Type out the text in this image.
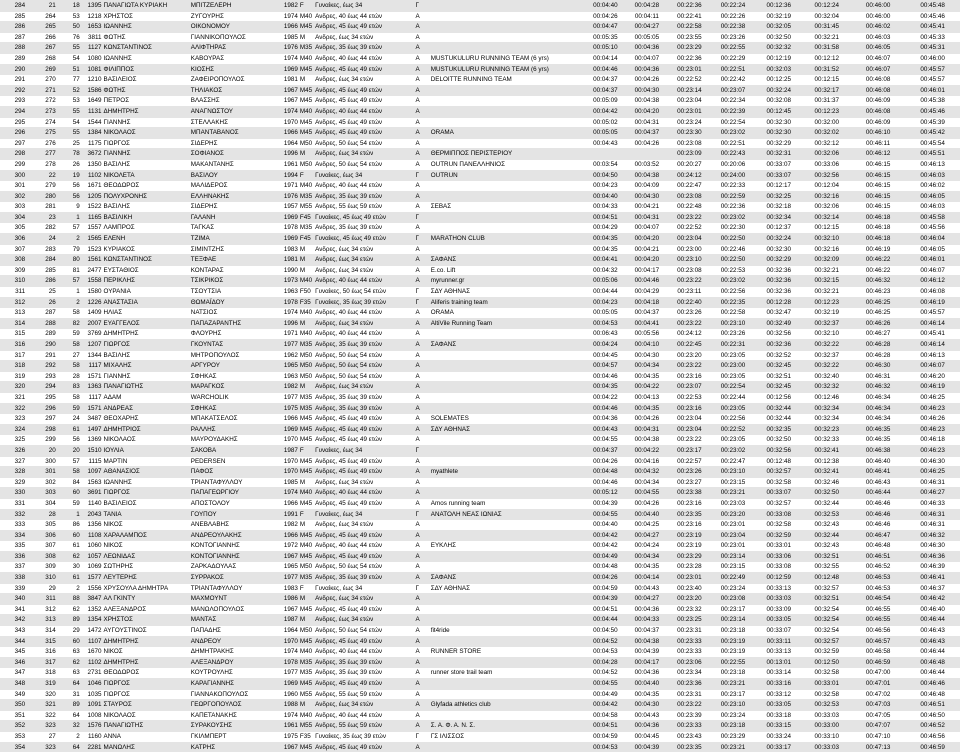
284	21	18	1395	ΠΑΝΑΓΙΩΤΑ ΚΥΡΙΑΚΗ	ΜΠΙΤΖΕΛΕΡΗ	1982	F	Γυναίκες, έως 34	Γ		00:04:40	00:04:28	00:22:36	00:22:24	00:12:36	00:12:24	00:46:00	00:45:48
285	264	53	1218	ΧΡΗΣΤΟΣ	ΖΥΓΟΥΡΗΣ	1974	M40	Ανδρες, 40 έως 44 ετών	Α		00:04:26	00:04:11	00:22:41	00:22:26	00:32:19	00:32:04	00:46:00	00:45:46
286	265	50	1653	ΙΩΑΝΝΗΣ	ΟΙΚΟΝΟΜΟΥ	1966	M45	Ανδρες, 45 έως 49 ετών	Α		00:04:47	00:04:27	00:22:58	00:22:38	00:32:05	00:31:45	00:46:02	00:45:41
287	266	76	3811	ΦΩΤΗΣ	ΓΙΑΝΝΙΚΟΠΟΥΛΟΣ	1985	M	Ανδρες, έως 34 ετών	Α		00:05:35	00:05:05	00:23:55	00:23:26	00:32:50	00:32:21	00:46:03	00:45:33
288	267	55	1127	ΚΩΝΣΤΑΝΤΙΝΟΣ	ΑΛΙΦΤΗΡΑΣ	1976	M35	Ανδρες, 35 έως 39 ετών	Α		00:05:10	00:04:36	00:23:29	00:22:55	00:32:32	00:31:58	00:46:05	00:45:31
289	268	54	1080	ΙΩΑΝΝΗΣ	ΚΑΒΟΥΡΑΣ	1974	M40	Ανδρες, 40 έως 44 ετών	Α	MUSTUKULURU RUNNING TEAM (6 yrs)	00:04:14	00:04:07	00:22:36	00:22:29	00:12:19	00:12:12	00:46:07	00:46:00
290	269	51	1081	ΦΙΛΙΠΠΟΣ	ΚΙΟΣΗΣ	1969	M45	Ανδρες, 45 έως 49 ετών	Α	MUSTUKULURU RUNNING TEAM (6 yrs)	00:04:46	00:04:36	00:23:01	00:22:51	00:32:03	00:31:52	00:46:07	00:45:57
291	270	77	1210	ΒΑΣΙΛΕΙΟΣ	ΖΑΦΕΙΡΟΠΟΥΛΟΣ	1981	M	Ανδρες, έως 34 ετών	Α	DELOITTE RUNNING TEAM	00:04:37	00:04:26	00:22:52	00:22:42	00:12:25	00:12:15	00:46:08	00:45:57
292	271	52	1586	ΦΩΤΗΣ	ΤΗΛΙΑΚΟΣ	1967	M45	Ανδρες, 45 έως 49 ετών	Α		00:04:37	00:04:30	00:23:14	00:23:07	00:32:24	00:32:17	00:46:08	00:46:01
293	272	53	1649	ΠΕΤΡΟΣ	ΒΛΑΣΣΗΣ	1967	M45	Ανδρες, 45 έως 49 ετών	Α		00:05:09	00:04:38	00:23:04	00:22:34	00:32:08	00:31:37	00:46:09	00:45:38
294	273	55	1131	ΔΗΜΗΤΡΗΣ	ΑΝΑΓΝΩΣΤΟΥ	1974	M40	Ανδρες, 40 έως 44 ετών	Α		00:04:42	00:04:20	00:23:01	00:22:39	00:12:45	00:12:23	00:46:08	00:45:46
295	274	54	1544	ΓΙΑΝΝΗΣ	ΣΤΕΛΛΑΚΗΣ	1970	M45	Ανδρες, 45 έως 49 ετών	Α		00:05:02	00:04:31	00:23:24	00:22:54	00:32:30	00:32:00	00:46:09	00:45:39
296	275	55	1384	ΝΙΚΟΛΑΟΣ	ΜΠΑΝΤΑΒΑΝΟΣ	1966	M45	Ανδρες, 45 έως 49 ετών	Α	ORAMA	00:05:05	00:04:37	00:23:30	00:23:02	00:32:30	00:32:02	00:46:10	00:45:42
297	276	25	1175	ΓΙΩΡΓΟΣ	ΣΙΔΕΡΗΣ	1964	M50	Ανδρες, 50 έως 54 ετών	Α		00:04:43	00:04:26	00:23:08	00:22:51	00:32:29	00:32:12	00:46:11	00:45:54
298	277	78	3672	ΓΙΑΝΝΗΣ	ΣΟΦΙΑΝΟΣ	1996	M	Ανδρες, έως 34 ετών	Α	ΘΕΡΜΙΠΠΟΣ ΠΕΡΙΣΤΕΡΙΟΥ			00:23:09	00:22:43	00:32:31	00:32:06	00:46:12	00:45:51
299	278	26	1350	ΒΑΣΙΛΗΣ	ΜΑΚΑΝΤΑΝΗΣ	1961	M50	Ανδρες, 50 έως 54 ετών	Α	OUTRUN ΠΑΝΕΛΛΗΝΙΟΣ	00:03:54	00:03:52	00:20:27	00:20:06	00:33:07	00:33:06	00:46:15	00:46:13
300	22	19	1102	ΝΙΚΟΛΕΤΑ	ΒΑΣΙΛΟΥ	1994	F	Γυναίκες, έως 34	Γ	OUTRUN	00:04:50	00:04:38	00:24:12	00:24:00	00:33:07	00:32:56	00:46:15	00:46:03
301	279	56	1671	ΘΕΟΔΩΡΟΣ	ΜΑΛΙΔΕΡΟΣ	1971	M40	Ανδρες, 40 έως 44 ετών	Α		00:04:23	00:04:09	00:22:47	00:22:33	00:12:17	00:12:04	00:46:15	00:46:02
302	280	56	1205	ΠΟΛΥΧΡΟΝΗΣ	ΕΛΛΗΝΑΚΗΣ	1976	M35	Ανδρες, 35 έως 39 ετών	Α		00:04:40	00:04:30	00:23:08	00:22:59	00:32:25	00:32:16	00:46:15	00:46:05
303	281	9	1522	ΒΑΣΙΛΗΣ	ΣΙΔΕΡΗΣ	1957	M55	Ανδρες, 55 έως 59 ετών	Α	ΣΕΒΑΣ	00:04:33	00:04:21	00:22:48	00:22:36	00:32:18	00:32:06	00:46:15	00:46:03
304	23	1	1165	ΒΑΣΙΛΙΚΗ	ΓΑΛΑΝΗ	1969	F45	Γυναίκες, 45 έως 49 ετών	Γ		00:04:51	00:04:31	00:23:22	00:23:02	00:32:34	00:32:14	00:46:18	00:45:58
305	282	57	1557	ΛΑΜΠΡΟΣ	ΤΑΓΚΑΣ	1978	M35	Ανδρες, 35 έως 39 ετών	Α		00:04:29	00:04:07	00:22:52	00:22:30	00:12:37	00:12:15	00:46:18	00:45:56
306	24	2	1565	ΕΛΕΝΗ	ΤΖΙΜΑ	1969	F45	Γυναίκες, 45 έως 49 ετών	Γ	MARATHON CLUB	00:04:35	00:04:20	00:23:04	00:22:50	00:32:24	00:32:10	00:46:18	00:46:04
307	283	79	1523	ΚΥΡΙΑΚΟΣ	ΣΙΜΙΝΤΖΗΣ	1983	M	Ανδρες, έως 34 ετών	Α		00:04:35	00:04:21	00:23:00	00:22:46	00:32:30	00:32:16	00:46:19	00:46:05
308	284	80	1561	ΚΩΝΣΤΑΝΤΙΝΟΣ	ΤΕΞΦΑΕ	1981	M	Ανδρες, έως 34 ετών	Α	ΣΑΦΑΝΣ	00:04:41	00:04:20	00:23:10	00:22:50	00:32:29	00:32:09	00:46:22	00:46:01
309	285	81	2477	ΕΥΣΤΑΘΙΟΣ	ΚΟΝΤΑΡΑΣ	1990	M	Ανδρες, έως 34 ετών	Α	E.co. Lift	00:04:32	00:04:17	00:23:08	00:22:53	00:32:36	00:32:21	00:46:22	00:46:07
310	286	57	1558	ΠΕΡΙΚΛΗΣ	ΤΣΙΚΡΙΚΟΣ	1973	M40	Ανδρες, 40 έως 44 ετών	Α	myrunner.gr	00:05:06	00:04:46	00:23:22	00:23:02	00:32:36	00:32:15	00:46:32	00:46:12
311	25	1	1580	ΟΥΡΑΝΙΑ	ΤΣΟΥΤΣΙΑ	1963	F50	Γυναίκες, 50 έως 54 ετών	Γ	ΣΔΥ ΑΘΗΝΑΣ	00:04:44	00:04:29	00:23:11	00:22:56	00:32:36	00:32:21	00:46:23	00:46:08
312	26	2	1226	ΑΝΑΣΤΑΣΙΑ	ΘΩΜΑΪΔΟΥ	1978	F35	Γυναίκες, 35 έως 39 ετών	Γ	Aliferis training team	00:04:23	00:04:18	00:22:40	00:22:35	00:12:28	00:12:23	00:46:25	00:46:19
313	287	58	1409	ΗΛΙΑΣ	ΝΑΤΣΙΟΣ	1974	M40	Ανδρες, 40 έως 44 ετών	Α	ORAMA	00:05:05	00:04:37	00:23:26	00:22:58	00:32:47	00:32:19	00:46:25	00:45:57
314	288	82	2007	ΕΥΑΓΓΕΛΟΣ	ΠΑΠΑΖΑΡΑΝΤΗΣ	1996	M	Ανδρες, έως 34 ετών	Α	AltiVile Running Team	00:04:53	00:04:41	00:23:22	00:23:10	00:32:49	00:32:37	00:46:26	00:46:14
315	289	59	3769	ΔΗΜΗΤΡΗΣ	ΦΛΟΥΡΗΣ	1971	M40	Ανδρες, 40 έως 44 ετών	Α		00:06:43	00:05:56	00:24:12	00:23:26	00:32:56	00:32:10	00:46:27	00:45:41
316	290	58	1207	ΓΙΩΡΓΟΣ	ΓΚΟΥΝΤΑΣ	1977	M35	Ανδρες, 35 έως 39 ετών	Α	ΣΑΦΑΝΣ	00:04:24	00:04:10	00:22:45	00:22:31	00:32:36	00:32:22	00:46:28	00:46:14
317	291	27	1344	ΒΑΣΙΛΗΣ	ΜΗΤΡΟΠΟΥΛΟΣ	1962	M50	Ανδρες, 50 έως 54 ετών	Α		00:04:45	00:04:30	00:23:20	00:23:05	00:32:52	00:32:37	00:46:28	00:46:13
318	292	58	1117	ΜΙΧΑΛΗΣ	ΑΡΓΥΡΟΥ	1965	M50	Ανδρες, 50 έως 54 ετών	Α		00:04:57	00:04:34	00:23:22	00:23:00	00:32:45	00:32:22	00:46:30	00:46:07
319	293	28	1571	ΓΙΑΝΝΗΣ	ΣΦΗΚΑΣ	1963	M50	Ανδρες, 50 έως 54 ετών	Α		00:04:46	00:04:35	00:23:16	00:23:05	00:32:51	00:32:40	00:46:31	00:46:20
320	294	83	1363	ΠΑΝΑΓΙΩΤΗΣ	ΜΑΡΑΓΚΟΣ	1982	M	Ανδρες, έως 34 ετών	Α		00:04:35	00:04:22	00:23:07	00:22:54	00:32:45	00:32:32	00:46:32	00:46:19
321	295	58	1117	ΑΔΑΜ	WARCHOLIK	1977	M35	Ανδρες, 35 έως 39 ετών	Α		00:04:22	00:04:13	00:22:53	00:22:44	00:12:56	00:12:46	00:46:34	00:46:25
322	296	59	1571	ΑΝΔΡΕΑΣ	ΣΦΗΚΑΣ	1975	M35	Ανδρες, 35 έως 39 ετών	Α		00:04:46	00:04:35	00:23:16	00:23:05	00:32:44	00:32:34	00:46:34	00:46:23
323	297	24	3487	ΘΕΟΧΑΡΗΣ	ΜΠΑΚΑΤΣΕΛΟΣ	1966	M45	Ανδρες, 45 έως 49 ετών	Α	SOLEMATES	00:04:36	00:04:26	00:23:04	00:22:56	00:32:44	00:32:34	00:46:34	00:46:26
324	298	61	1497	ΔΗΜΗΤΡΙΟΣ	ΡΑΛΛΗΣ	1969	M45	Ανδρες, 45 έως 49 ετών	Α	ΣΔΥ ΑΘΗΝΑΣ	00:04:43	00:04:31	00:23:04	00:22:52	00:32:35	00:32:23	00:46:35	00:46:23
325	299	56	1369	ΝΙΚΟΛΑΟΣ	ΜΑΥΡΟΥΔΑΚΗΣ	1970	M45	Ανδρες, 45 έως 49 ετών	Α		00:04:55	00:04:38	00:23:22	00:23:05	00:32:50	00:32:33	00:46:35	00:46:18
326	20	20	1510	ΙΟΥΛΙΑ	ΣΑΚΟΒΑ	1987	F	Γυναίκες, έως 34	Γ		00:04:37	00:04:22	00:23:17	00:23:02	00:32:56	00:32:41	00:46:38	00:46:23
327	300	57	1115	ΜΑΡΤΙΝ	PEDERSEN	1970	M45	Ανδρες, 45 έως 49 ετών	Α		00:04:26	00:04:16	00:22:57	00:22:47	00:12:48	00:12:38	00:46:40	00:46:30
328	301	58	1097	ΑΘΑΝΑΣΙΟΣ	ΠΑΦΟΣ	1970	M45	Ανδρες, 45 έως 49 ετών	Α	myathlete	00:04:48	00:04:32	00:23:26	00:23:10	00:32:57	00:32:41	00:46:41	00:46:25
329	302	84	1563	ΙΩΑΝΝΗΣ	ΤΡΙΑΝΤΑΦΥΛΛΟΥ	1985	M	Ανδρες, έως 34 ετών	Α		00:04:46	00:04:34	00:23:27	00:23:15	00:32:58	00:32:46	00:46:43	00:46:31
330	303	60	3691	ΓΙΩΡΓΟΣ	ΠΑΠΑΓΕΩΡΓΙΟΥ	1974	M40	Ανδρες, 40 έως 44 ετών	Α		00:05:12	00:04:55	00:23:38	00:23:21	00:33:07	00:32:50	00:46:44	00:46:27
331	304	59	1140	ΒΑΣΙΛΕΙΟΣ	ΑΠΟΣΤΟΛΟΥ	1966	M45	Ανδρες, 45 έως 49 ετών	Α	Amos running team	00:04:39	00:04:26	00:23:16	00:23:03	00:32:57	00:32:44	00:46:46	00:46:33
332	28	1	2043	ΤΑΝΙΑ	ΓΟΥΠΟΥ	1991	F	Γυναίκες, έως 34	Γ	ΑΝΑΤΟΛΗ ΝΕΑΣ ΙΩΝΙΑΣ	00:04:55	00:04:40	00:23:35	00:23:20	00:33:08	00:32:53	00:46:46	00:46:31
333	305	86	1356	ΝΙΚΟΣ	ΑΝΕΒΛΑΒΗΣ	1982	M	Ανδρες, έως 34 ετών	Α		00:04:40	00:04:25	00:23:16	00:23:01	00:32:58	00:32:43	00:46:46	00:46:31
334	306	60	1108	ΧΑΡΑΛΑΜΠΟΣ	ΑΝΔΡΕΟΥΛΑΚΗΣ	1966	M45	Ανδρες, 45 έως 49 ετών	Α		00:04:42	00:04:27	00:23:19	00:23:04	00:32:59	00:32:44	00:46:47	00:46:32
335	307	61	1060	ΝΙΚΟΣ	ΚΟΝΤΟΓΙΑΝΝΗΣ	1972	M40	Ανδρες, 40 έως 44 ετών	Α	ΕΥΚΛΗΣ	00:04:42	00:04:24	00:23:19	00:23:01	00:33:01	00:32:43	00:46:48	00:46:30
336	308	62	1057	ΛΕΩΝΙΔΑΣ	ΚΟΝΤΟΓΙΑΝΝΗΣ	1967	M45	Ανδρες, 45 έως 49 ετών	Α		00:04:49	00:04:34	00:23:29	00:23:14	00:33:06	00:32:51	00:46:51	00:46:36
337	309	30	1069	ΣΩΤΗΡΗΣ	ΖΑΡΚΑΔΟΥΛΑΣ	1965	M50	Ανδρες, 50 έως 54 ετών	Α		00:04:48	00:04:35	00:23:28	00:23:15	00:33:08	00:32:55	00:46:52	00:46:39
338	310	61	1577	ΛΕΥΤΕΡΗΣ	ΣΥΡΡΑΚΟΣ	1977	M35	Ανδρες, 35 έως 39 ετών	Α	ΣΑΦΑΝΣ	00:04:26	00:04:14	00:23:01	00:22:49	00:12:59	00:12:48	00:46:53	00:46:41
339	29	2	1556	ΧΡΥΣΟΥΛΑ ΔΗΜΗΤΡΑ	ΤΡΙΑΝΤΑΦΥΛΛΟΥ	1983	F	Γυναίκες, έως 34	Γ	ΣΔΥ ΑΘΗΝΑΣ	00:04:59	00:04:43	00:23:40	00:23:24	00:33:13	00:32:57	00:46:53	00:46:37
340	311	88	3847	ΑΛ ΓΚΙΝΤΥ	ΜΑΧΜΟΥΝΤ	1986	M	Ανδρες, έως 34 ετών	Α		00:04:39	00:04:27	00:23:20	00:23:08	00:33:03	00:32:51	00:46:54	00:46:42
341	312	62	1352	ΑΛΕΞΑΝΔΡΟΣ	ΜΑΝΩΛΟΠΟΥΛΟΣ	1967	M45	Ανδρες, 45 έως 49 ετών	Α		00:04:51	00:04:36	00:23:32	00:23:17	00:33:09	00:32:54	00:46:55	00:46:40
342	313	89	1354	ΧΡΗΣΤΟΣ	ΜΑΝΤΑΣ	1987	M	Ανδρες, έως 34 ετών	Α		00:04:44	00:04:33	00:23:25	00:23:14	00:33:05	00:32:54	00:46:55	00:46:44
343	314	29	1472	ΑΥΓΟΥΣΤΙΝΟΣ	ΠΑΠΑΔΗΣ	1964	M50	Ανδρες, 50 έως 54 ετών	Α	fit4ride	00:04:50	00:04:37	00:23:31	00:23:18	00:33:07	00:32:54	00:46:56	00:46:43
344	315	60	1107	ΔΗΜΗΤΡΗΣ	ΑΝΔΡΕΟΥ	1970	M45	Ανδρες, 45 έως 49 ετών	Α		00:04:52	00:04:38	00:23:33	00:23:19	00:33:11	00:32:57	00:46:57	00:46:43
345	316	63	1670	ΝΙΚΟΣ	ΔΗΜΗΤΡΑΚΗΣ	1974	M40	Ανδρες, 40 έως 44 ετών	Α	RUNNER STORE	00:04:53	00:04:39	00:23:33	00:23:19	00:33:13	00:32:59	00:46:58	00:46:44
346	317	62	1102	ΔΗΜΗΤΡΗΣ	ΑΛΕΞΑΝΔΡΟΥ	1978	M35	Ανδρες, 35 έως 39 ετών	Α		00:04:28	00:04:17	00:23:06	00:22:55	00:13:01	00:12:50	00:46:59	00:46:48
347	318	63	2731	ΘΕΟΔΩΡΟΣ	ΚΟΥΤΡΟΥΛΗΣ	1977	M35	Ανδρες, 35 έως 39 ετών	Α	runner store trail team	00:04:52	00:04:36	00:23:34	00:23:18	00:33:14	00:32:58	00:47:00	00:46:44
348	319	64	1046	ΓΙΩΡΓΟΣ	ΚΑΡΑΓΙΑΝΝΗΣ	1969	M45	Ανδρες, 45 έως 49 ετών	Α		00:04:55	00:04:40	00:23:36	00:23:21	00:33:16	00:33:01	00:47:01	00:46:46
349	320	31	1035	ΓΙΩΡΓΟΣ	ΓΙΑΝΝΑΚΟΠΟΥΛΟΣ	1960	M55	Ανδρες, 55 έως 59 ετών	Α		00:04:49	00:04:35	00:23:31	00:23:17	00:33:12	00:32:58	00:47:02	00:46:48
350	321	89	1091	ΣΤΑΥΡΟΣ	ΓΕΩΡΓΟΠΟΥΛΟΣ	1988	M	Ανδρες, έως 34 ετών	Α	Glyfada athletics club	00:04:42	00:04:30	00:23:22	00:23:10	00:33:05	00:32:53	00:47:03	00:46:51
351	322	64	1008	ΝΙΚΟΛΑΟΣ	ΚΑΠΕΤΑΝΑΚΗΣ	1974	M40	Ανδρες, 40 έως 44 ετών	Α		00:04:58	00:04:43	00:23:39	00:23:24	00:33:18	00:33:03	00:47:05	00:46:50
352	323	32	1576	ΠΑΝΑΓΙΩΤΗΣ	ΣΥΡΑΚΟΥΣΗΣ	1961	M55	Ανδρες, 55 έως 59 ετών	Α	Σ. Α. Φ. Α. Ν. Σ.	00:04:51	00:04:36	00:23:33	00:23:18	00:33:15	00:33:00	00:47:07	00:46:52
353	27	2	1160	ΑΝΝΑ	ΓΚΙΛΜΠΕΡΤ	1975	F35	Γυναίκες, 35 έως 39 ετών	Γ	ΓΣ ΙΛΙΣΣΟΣ	00:04:59	00:04:45	00:23:43	00:23:29	00:33:24	00:33:10	00:47:10	00:46:56
354	323	64	2281	ΜΑΝΩΛΗΣ	ΚΑΤΡΗΣ	1967	M45	Ανδρες, 45 έως 49 ετών	Α		00:04:53	00:04:39	00:23:35	00:23:21	00:33:17	00:33:03	00:47:13	00:46:59
